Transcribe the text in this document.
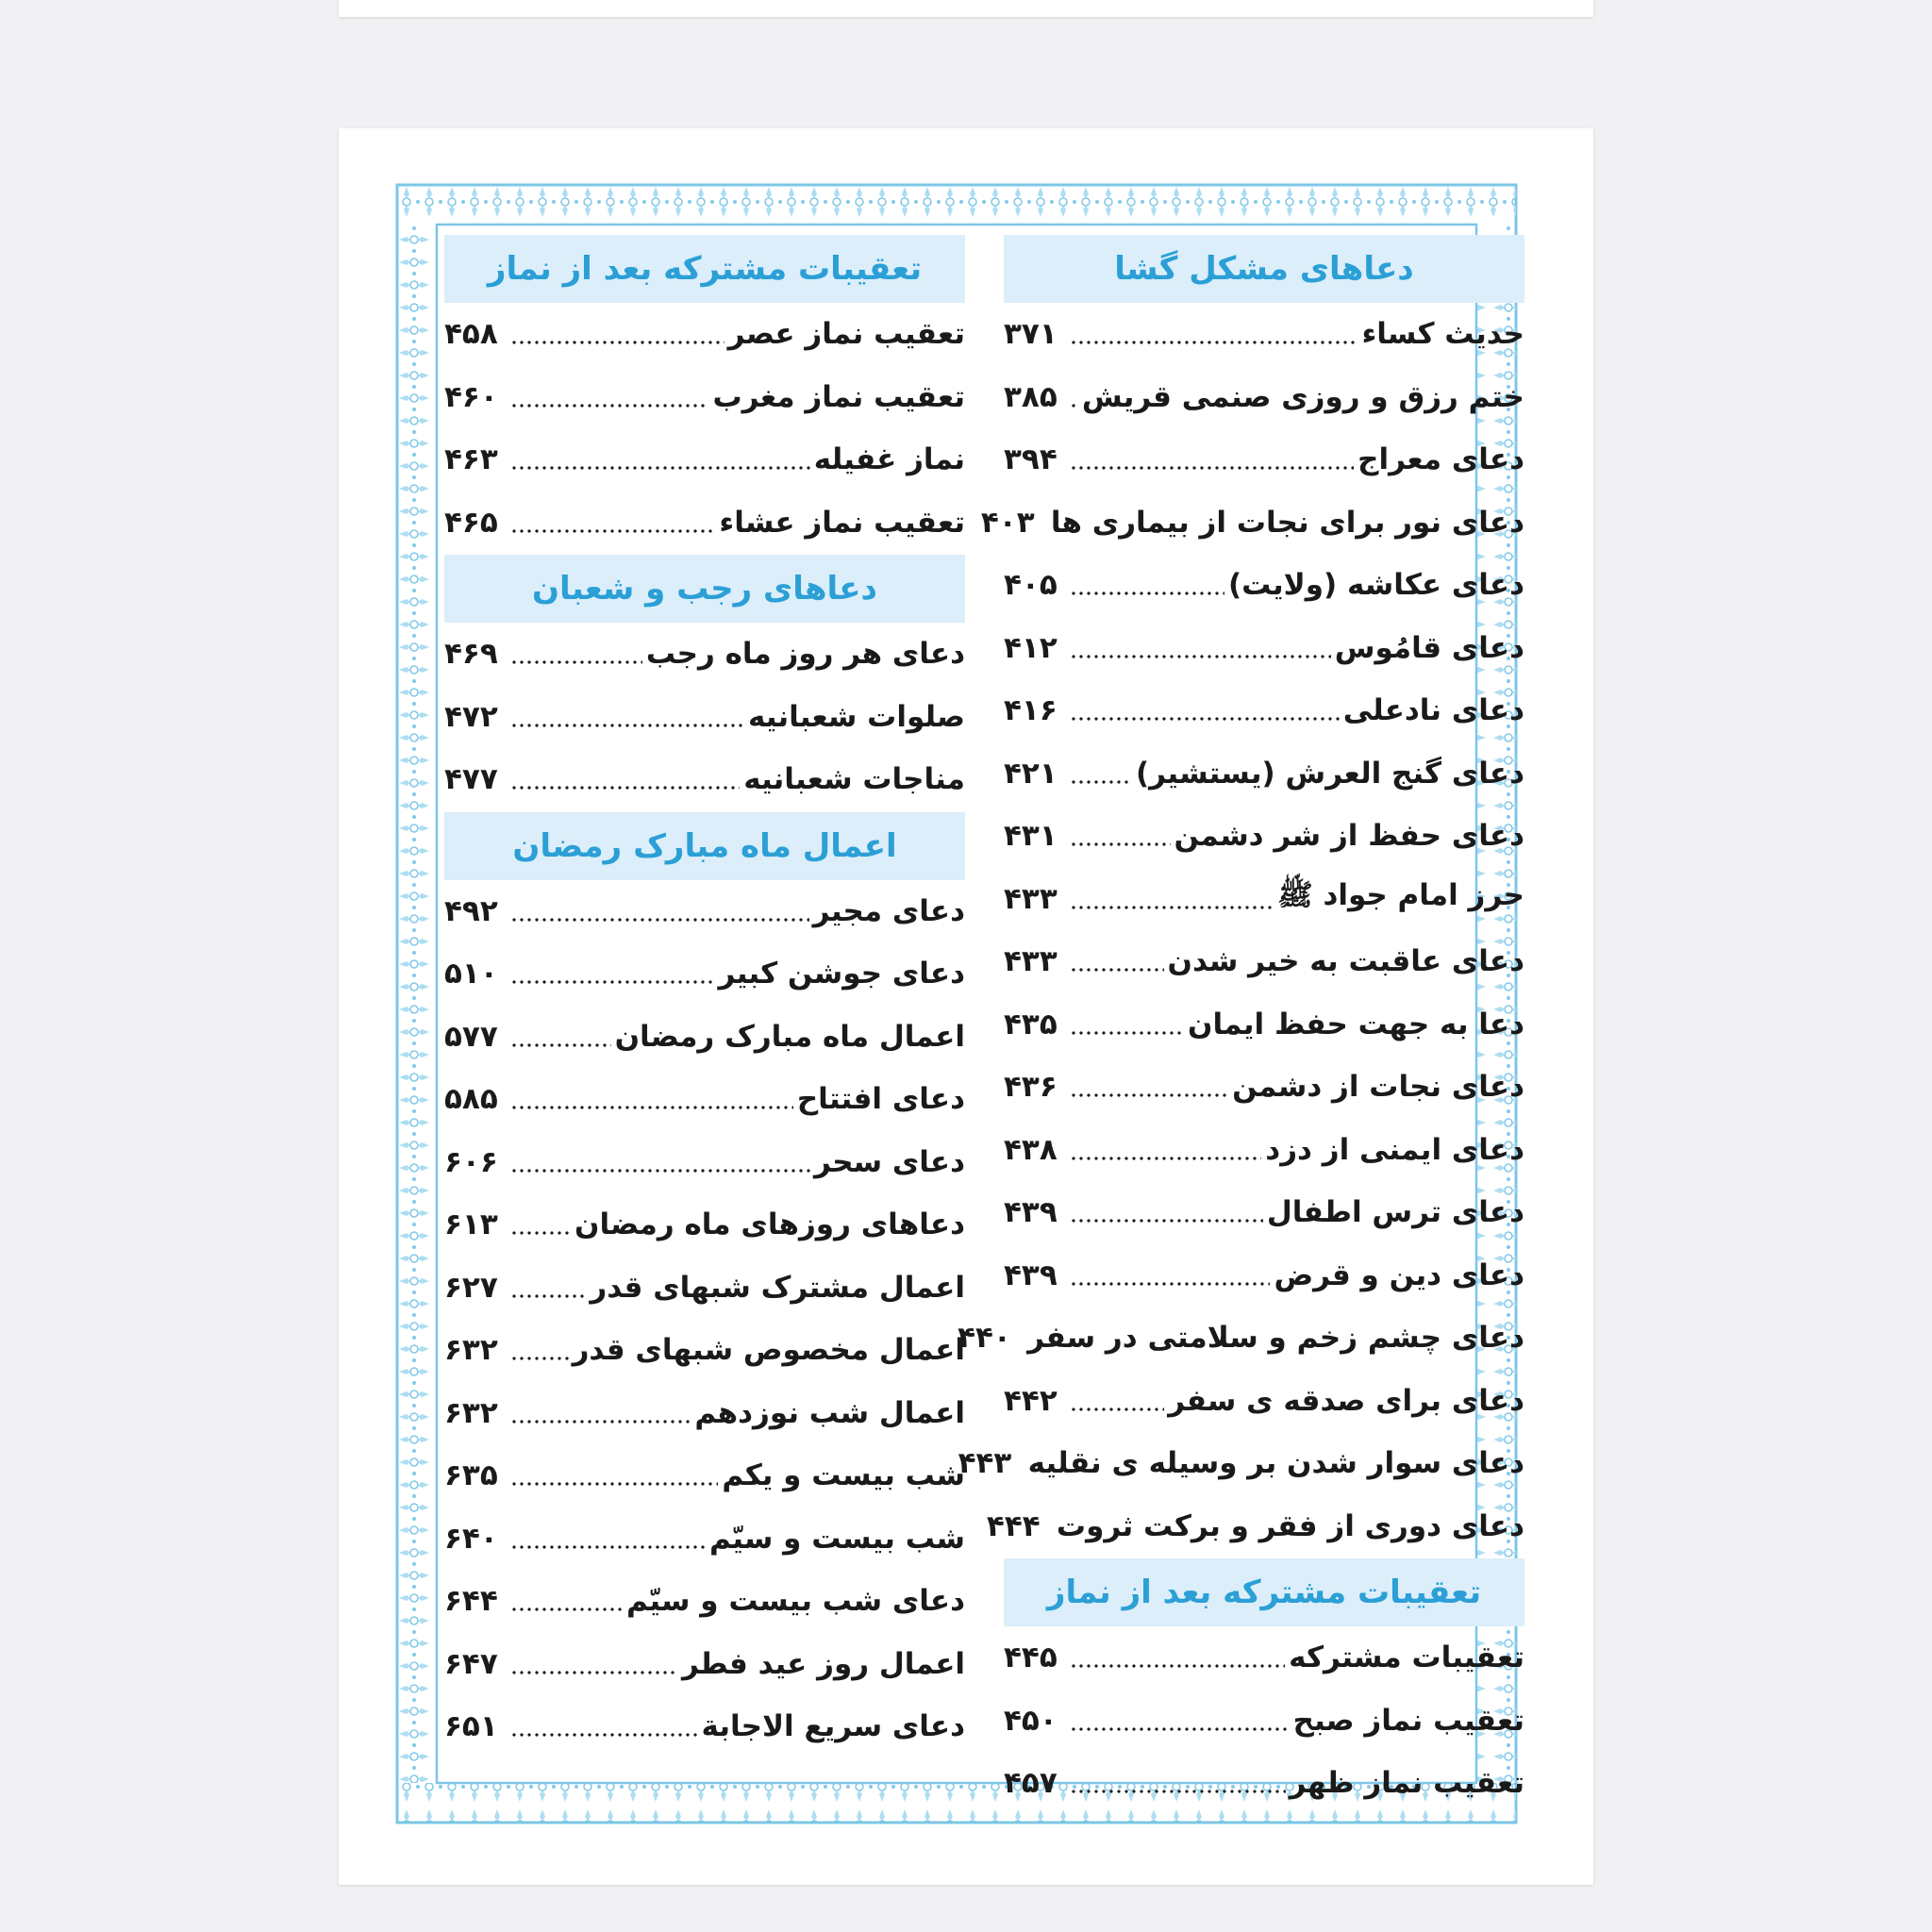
دعاهای مشکل گشا
حدیث کساء
۳۷۱
ختم رزق و روزی صنمی قریش
۳۸۵
دعای معراج
۳۹۴
دعای نور برای نجات از بیماری ها
۴۰۳
دعای عکاشه (ولایت)
۴۰۵
دعای قامُوس
۴۱۲
دعای نادعلی
۴۱۶
دعای گنج العرش (یستشیر)
۴۲۱
دعای حفظ از شر دشمن
۴۳۱
حرز امام جواد ﷺ
۴۳۳
دعای عاقبت به خیر شدن
۴۳۳
دعا به جهت حفظ ایمان
۴۳۵
دعای نجات از دشمن
۴۳۶
دعای ایمنی از دزد
۴۳۸
دعای ترس اطفال
۴۳۹
دعای دین و قرض
۴۳۹
دعای چشم زخم و سلامتی در سفر
۴۴۰
دعای برای صدقه ی سفر
۴۴۲
دعای سوار شدن بر وسیله ی نقلیه
۴۴۳
دعای دوری از فقر و برکت ثروت
۴۴۴
تعقیبات مشترکه بعد از نماز
تعقیبات مشترکه
۴۴۵
تعقیب نماز صبح
۴۵۰
تعقیب نماز ظهر
۴۵۷
تعقیبات مشترکه بعد از نماز
تعقیب نماز عصر
۴۵۸
تعقیب نماز مغرب
۴۶۰
نماز غفیله
۴۶۳
تعقیب نماز عشاء
۴۶۵
دعاهای رجب و شعبان
دعای هر روز ماه رجب
۴۶۹
صلوات شعبانیه
۴۷۲
مناجات شعبانیه
۴۷۷
اعمال ماه مبارک رمضان
دعای مجیر
۴۹۲
دعای جوشن کبیر
۵۱۰
اعمال ماه مبارک رمضان
۵۷۷
دعای افتتاح
۵۸۵
دعای سحر
۶۰۶
دعاهای روزهای ماه رمضان
۶۱۳
اعمال مشترک شبهای قدر
۶۲۷
اعمال مخصوص شبهای قدر
۶۳۲
اعمال شب نوزدهم
۶۳۲
شب بیست و یکم
۶۳۵
شب بیست و سیّم
۶۴۰
دعای شب بیست و سیّم
۶۴۴
اعمال روز عید فطر
۶۴۷
دعای سریع الاجابة
۶۵۱
